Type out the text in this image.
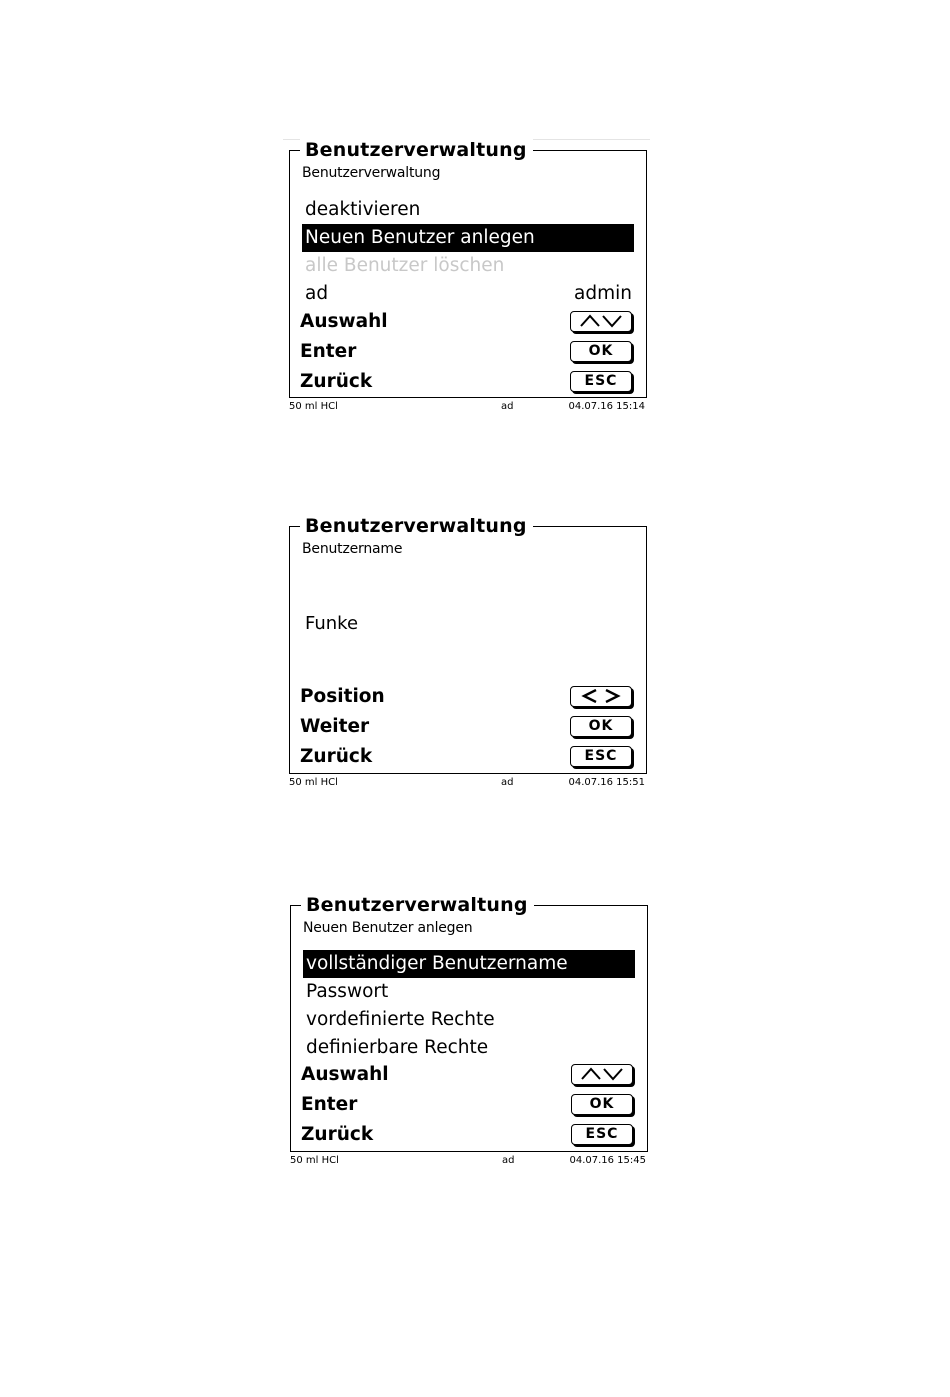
Benutzerverwaltung
Benutzerverwaltung
deaktivieren
Neuen Benutzer anlegen
alle Benutzer löschen
ad	admin
Auswahl
Enter	OK
Zurück	ESC
50 ml HCl	ad	04.07.16 15:14
Benutzerverwaltung
Benutzername
Funke
Position
Weiter	OK
Zurück	ESC
50 ml HCl	ad	04.07.16 15:51
Benutzerverwaltung
Neuen Benutzer anlegen
vollständiger Benutzername
Passwort
vordefinierte Rechte
definierbare Rechte
Auswahl
Enter	OK
Zurück	ESC
50 ml HCl	ad	04.07.16 15:45
